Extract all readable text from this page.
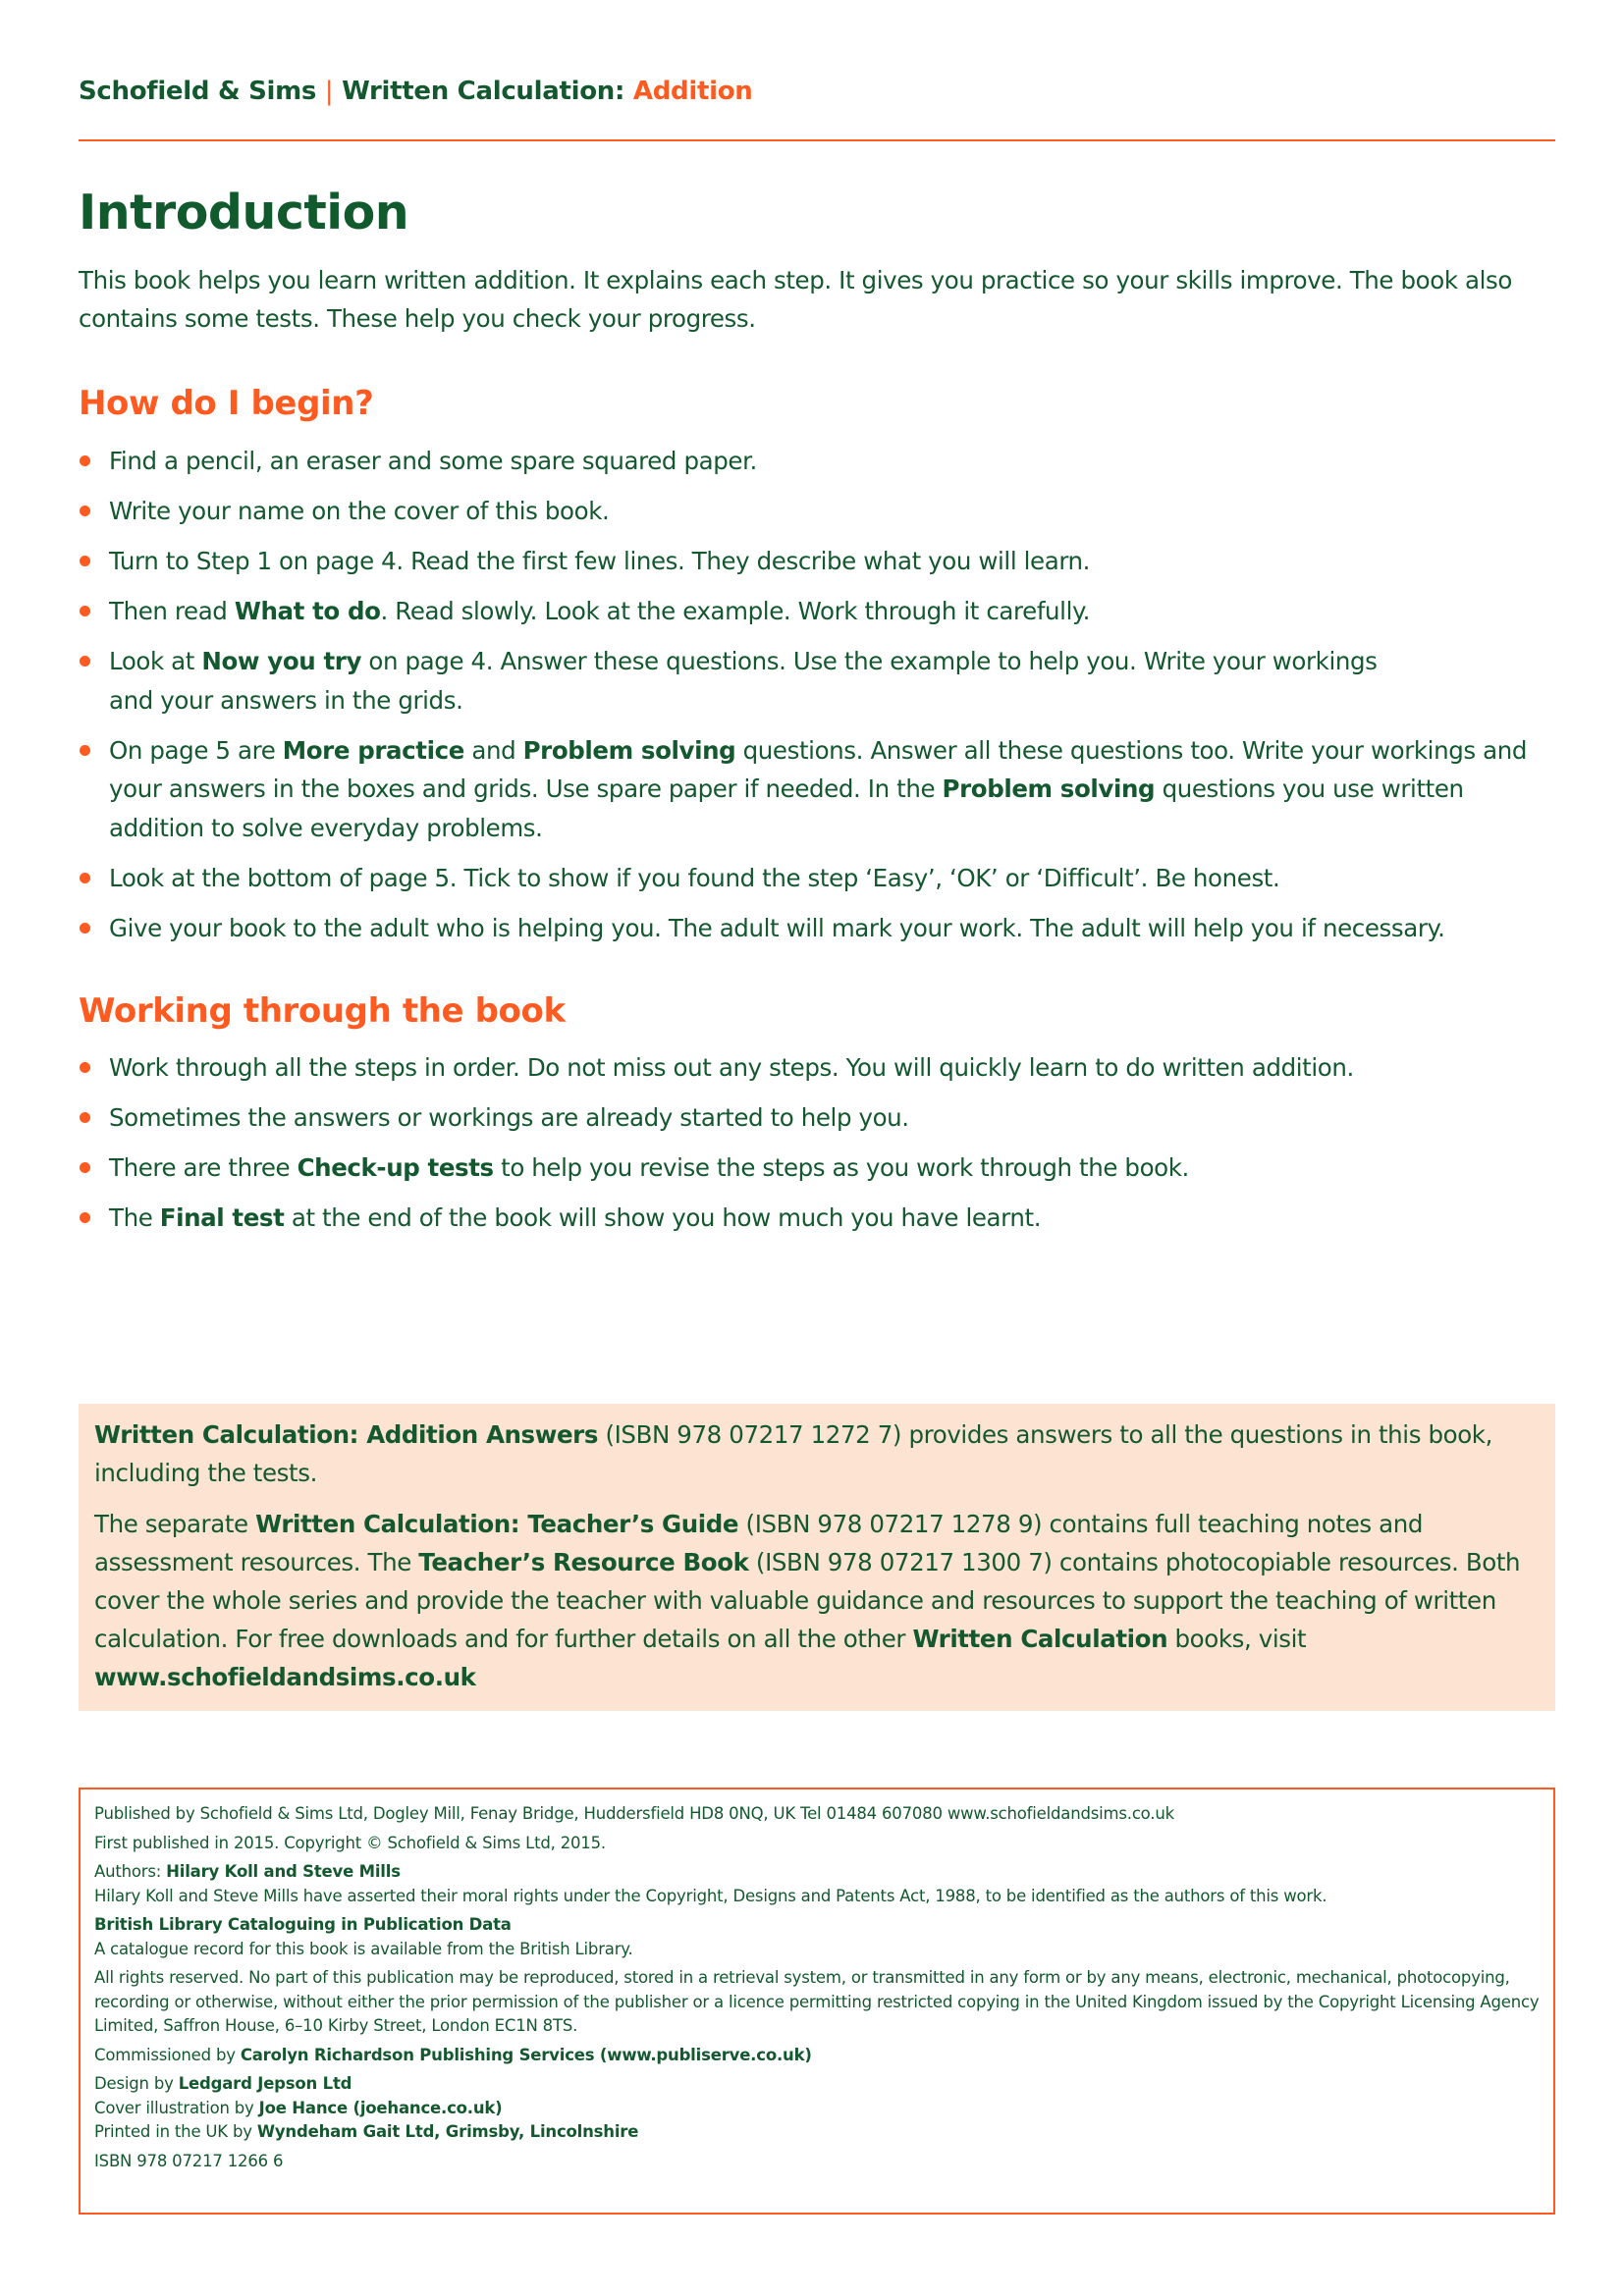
Schofield & Sims | Written Calculation: Addition
Introduction
This book helps you learn written addition. It explains each step. It gives you practice so your skills improve. The book also contains some tests. These help you check your progress.
How do I begin?
Find a pencil, an eraser and some spare squared paper.
Write your name on the cover of this book.
Turn to Step 1 on page 4. Read the first few lines. They describe what you will learn.
Then read What to do. Read slowly. Look at the example. Work through it carefully.
Look at Now you try on page 4. Answer these questions. Use the example to help you. Write your workings
and your answers in the grids.
On page 5 are More practice and Problem solving questions. Answer all these questions too. Write your workings and your answers in the boxes and grids. Use spare paper if needed. In the Problem solving questions you use written addition to solve everyday problems.
Look at the bottom of page 5. Tick to show if you found the step ‘Easy’, ‘OK’ or ‘Difficult’. Be honest.
Give your book to the adult who is helping you. The adult will mark your work. The adult will help you if necessary.
Working through the book
Work through all the steps in order. Do not miss out any steps. You will quickly learn to do written addition.
Sometimes the answers or workings are already started to help you.
There are three Check-up tests to help you revise the steps as you work through the book.
The Final test at the end of the book will show you how much you have learnt.

Written Calculation: Addition Answers (ISBN 978 07217 1272 7) provides answers to all the questions in this book, including the tests.

The separate Written Calculation: Teacher’s Guide (ISBN 978 07217 1278 9) contains full teaching notes and assessment resources. The Teacher’s Resource Book (ISBN 978 07217 1300 7) contains photocopiable resources. Both cover the whole series and provide the teacher with valuable guidance and resources to support the teaching of written calculation. For free downloads and for further details on all the other Written Calculation books, visit www.schofieldandsims.co.uk

Published by Schofield & Sims Ltd, Dogley Mill, Fenay Bridge, Huddersfield HD8 0NQ, UK Tel 01484 607080 www.schofieldandsims.co.uk

First published in 2015. Copyright © Schofield & Sims Ltd, 2015.

Authors: Hilary Koll and Steve Mills
Hilary Koll and Steve Mills have asserted their moral rights under the Copyright, Designs and Patents Act, 1988, to be identified as the authors of this work.

British Library Cataloguing in Publication Data
A catalogue record for this book is available from the British Library.

All rights reserved. No part of this publication may be reproduced, stored in a retrieval system, or transmitted in any form or by any means, electronic, mechanical, photocopying, recording or otherwise, without either the prior permission of the publisher or a licence permitting restricted copying in the United Kingdom issued by the Copyright Licensing Agency Limited, Saffron House, 6–10 Kirby Street, London EC1N 8TS.

Commissioned by Carolyn Richardson Publishing Services (www.publiserve.co.uk)

Design by Ledgard Jepson Ltd
Cover illustration by Joe Hance (joehance.co.uk)
Printed in the UK by Wyndeham Gait Ltd, Grimsby, Lincolnshire

ISBN 978 07217 1266 6
